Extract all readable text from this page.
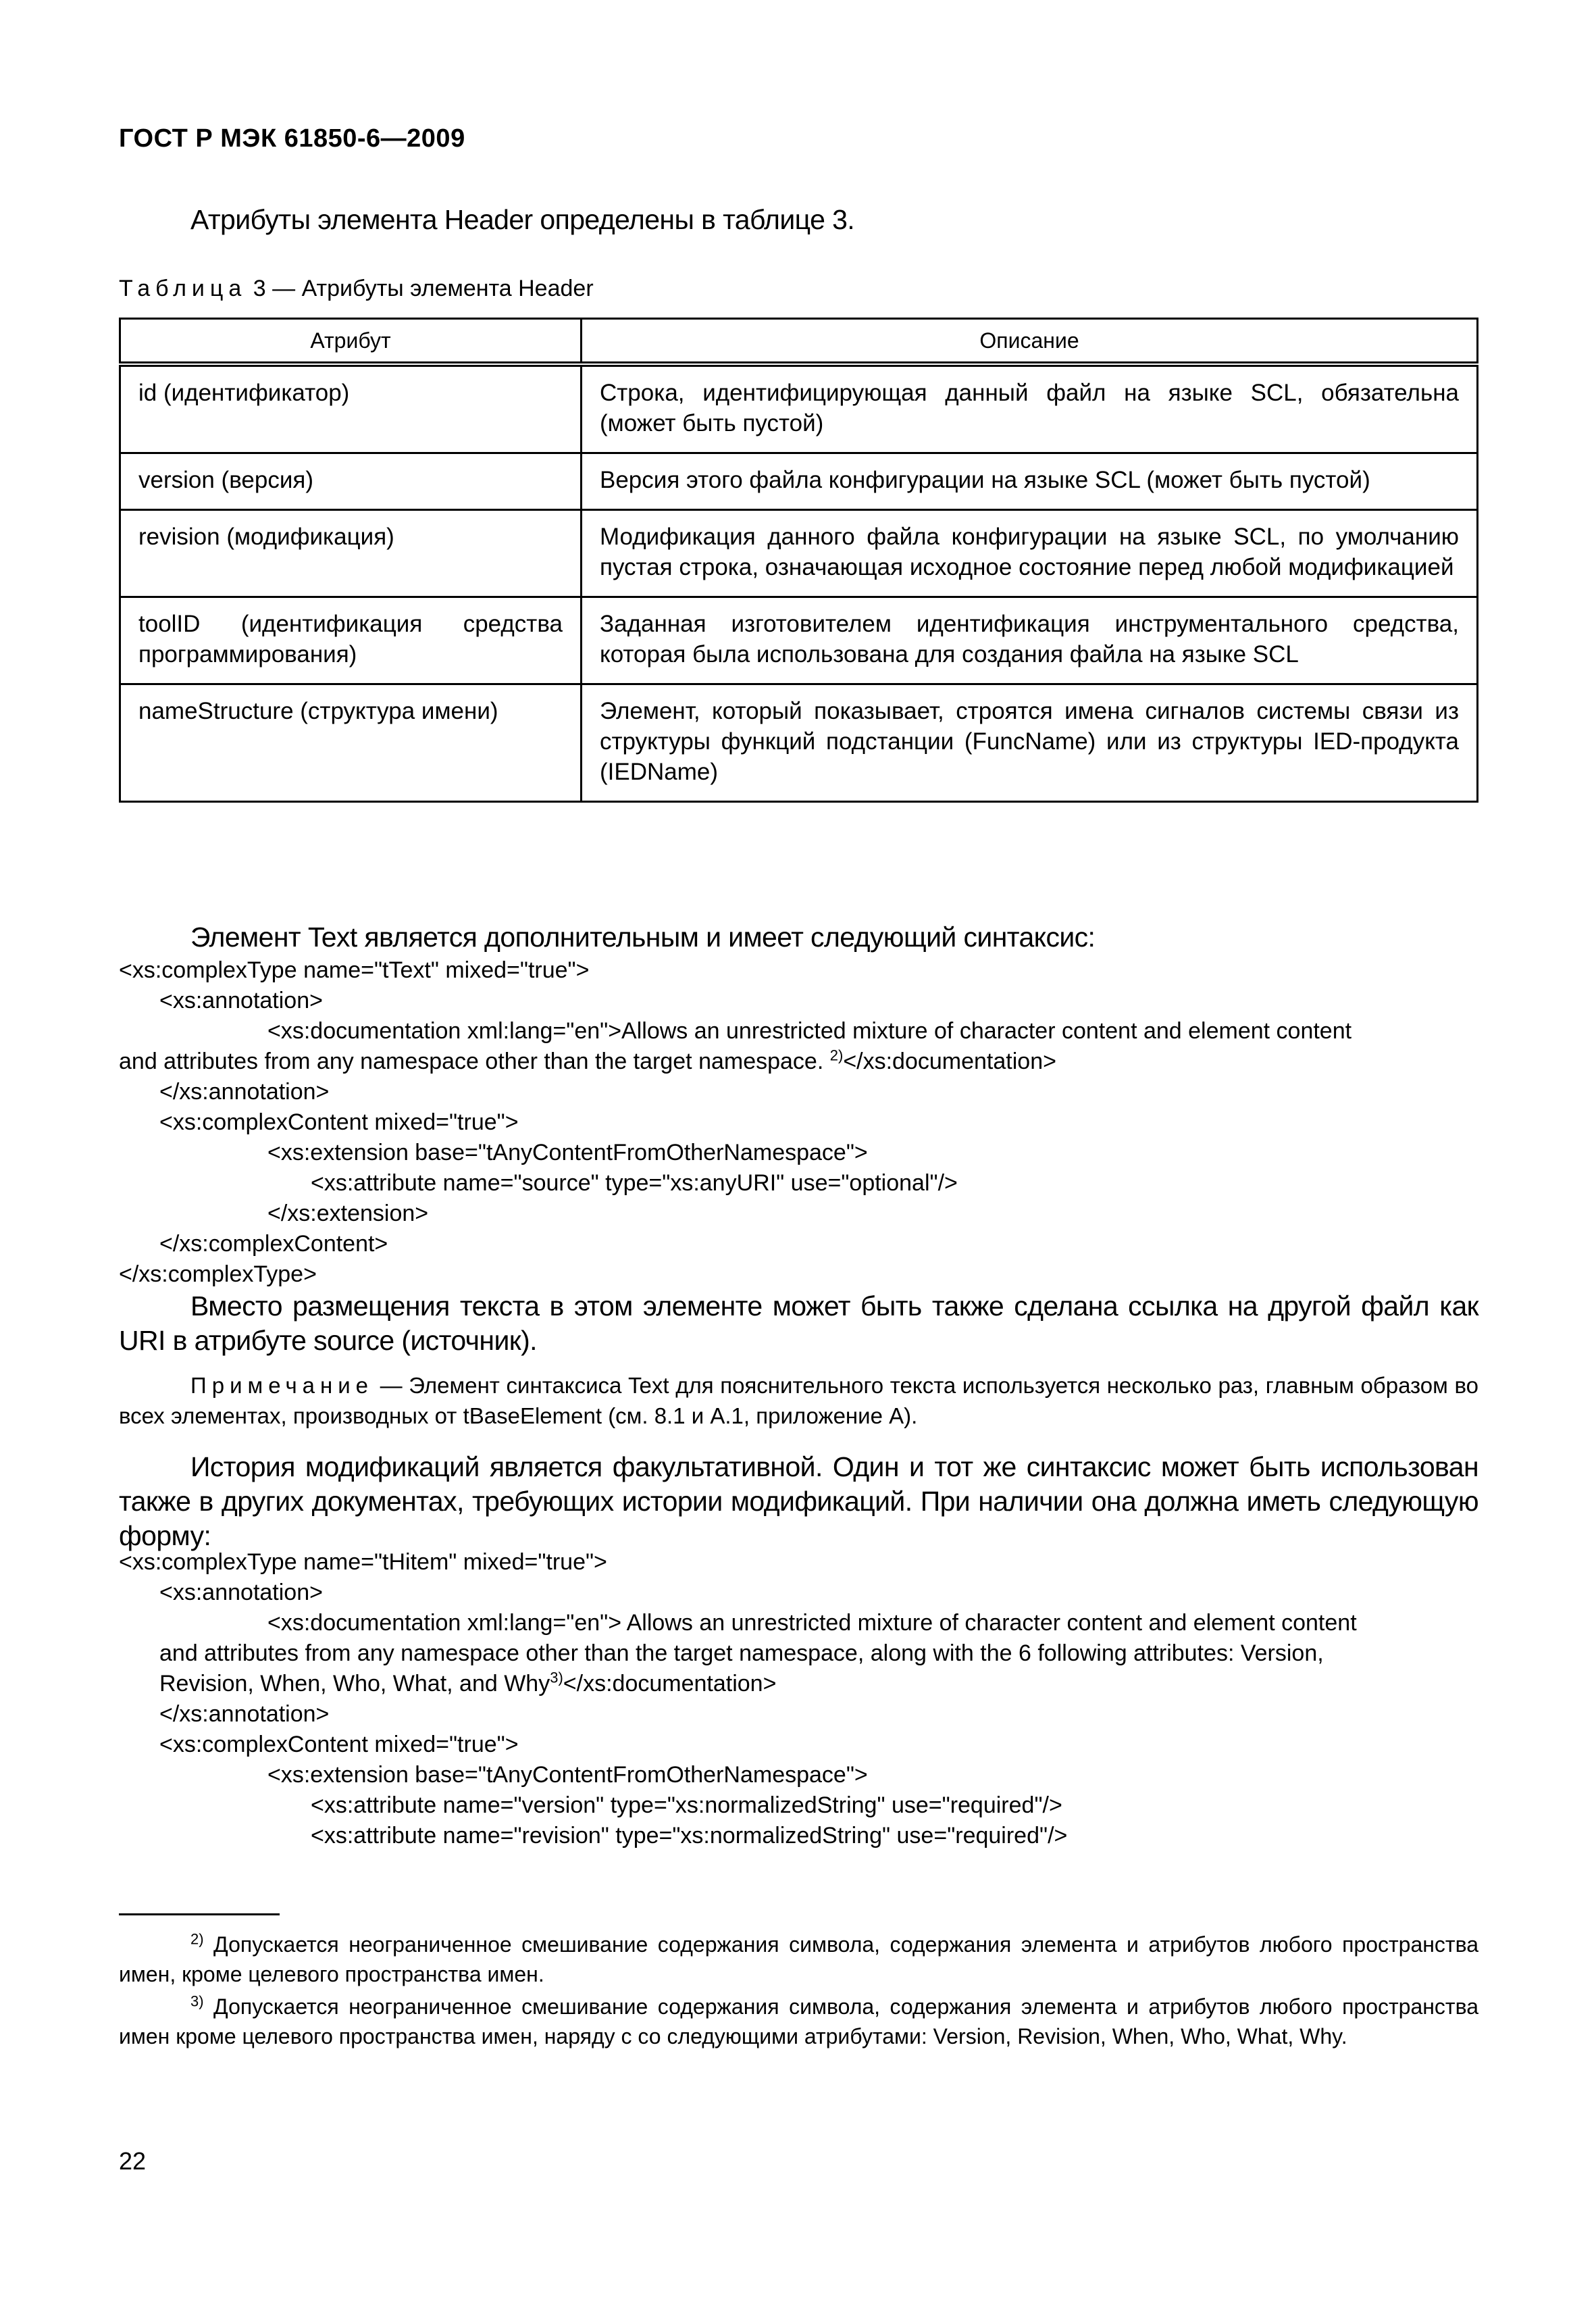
ГОСТ Р МЭК 61850-6—2009
Атрибуты элемента Header определены в таблице 3.
Таблица 3 — Атрибуты элемента Header
Атрибут	Описание
id (идентификатор)	Строка, идентифицирующая данный файл на языке SCL, обязательна (может быть пустой)
version (версия)	Версия этого файла конфигурации на языке SCL (может быть пустой)
revision (модификация)	Модификация данного файла конфигурации на языке SCL, по умолчанию пустая строка, означающая исходное состояние перед любой модификацией
toolID (идентификация средства программирования)	Заданная изготовителем идентификация инструментального средства, которая была использована для создания файла на языке SCL
nameStructure (структура имени)	Элемент, который показывает, строятся имена сигналов системы связи из структуры функций подстанции (FuncName) или из структуры IED-продукта (IEDName)
Элемент Text является дополнительным и имеет следующий синтаксис:
<xs:complexType name="tText" mixed="true">
<xs:annotation>
<xs:documentation xml:lang="en">Allows an unrestricted mixture of character content and element content
and attributes from any namespace other than the target namespace. $^{2)}$</xs:documentation>
</xs:annotation>
<xs:complexContent mixed="true">
<xs:extension base="tAnyContentFromOtherNamespace">
<xs:attribute name="source" type="xs:anyURI" use="optional"/>
</xs:extension>
</xs:complexContent>
</xs:complexType>
Вместо размещения текста в этом элементе может быть также сделана ссылка на другой файл как URI в атрибуте source (источник).
Примечание — Элемент синтаксиса Text для пояснительного текста используется несколько раз, главным образом во всех элементах, производных от tBaseElement (см. 8.1 и А.1, приложение А).
История модификаций является факультативной. Один и тот же синтаксис может быть использован также в других документах, требующих истории модификаций. При наличии она должна иметь следующую форму:
<xs:complexType name="tHitem" mixed="true">
<xs:annotation>
<xs:documentation xml:lang="en"> Allows an unrestricted mixture of character content and element content
and attributes from any namespace other than the target namespace, along with the 6 following attributes: Version,
Revision, When, Who, What, and Why$^{3)}$</xs:documentation>
</xs:annotation>
<xs:complexContent mixed="true">
<xs:extension base="tAnyContentFromOtherNamespace">
<xs:attribute name="version" type="xs:normalizedString" use="required"/>
<xs:attribute name="revision" type="xs:normalizedString" use="required"/>
$^{2)}$ Допускается неограниченное смешивание содержания символа, содержания элемента и атрибутов любого пространства имен, кроме целевого пространства имен.
$^{3)}$ Допускается неограниченное смешивание содержания символа, содержания элемента и атрибутов любого пространства имен кроме целевого пространства имен, наряду с со следующими атрибутами: Version, Revision, When, Who, What, Why.
22
